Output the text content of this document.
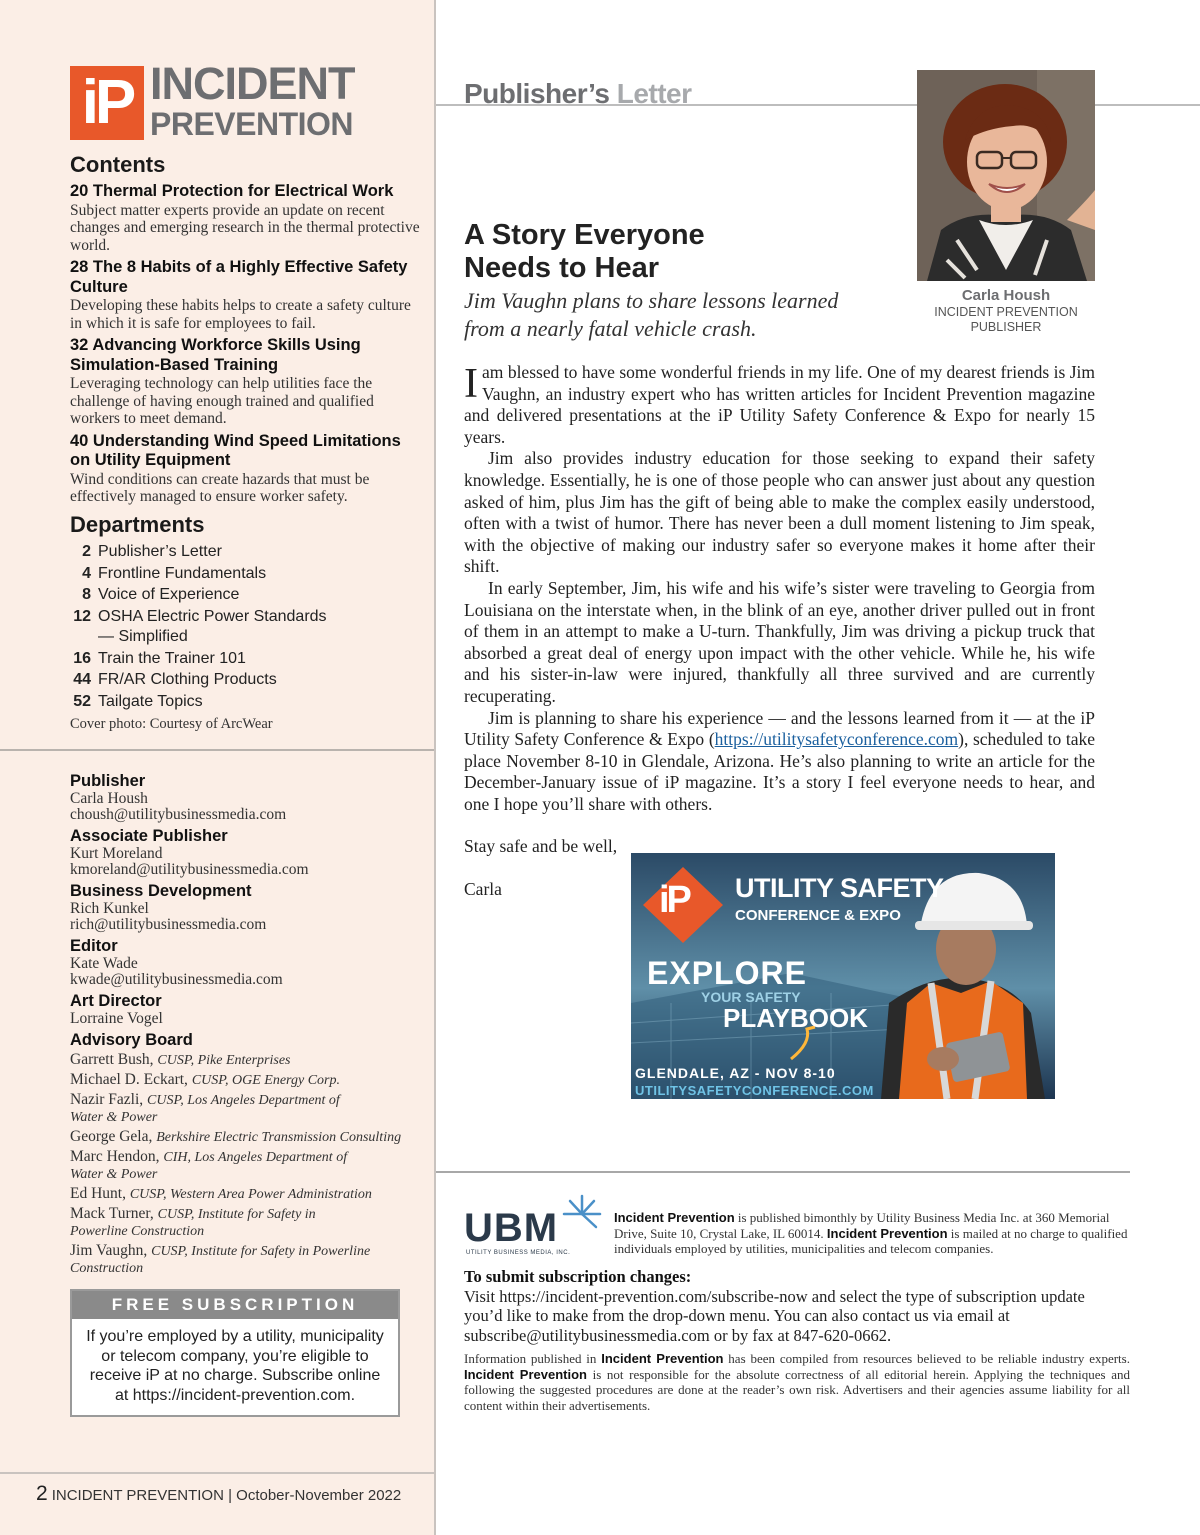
iP INCIDENT
PREVENTION
Contents
20 Thermal Protection for Electrical Work
Subject matter experts provide an update on recent changes and emerging research in the thermal protective world.
28 The 8 Habits of a Highly Effective Safety Culture
Developing these habits helps to create a safety culture in which it is safe for employees to fail.
32 Advancing Workforce Skills Using Simulation-Based Training
Leveraging technology can help utilities face the challenge of having enough trained and qualified workers to meet demand.
40 Understanding Wind Speed Limitations on Utility Equipment
Wind conditions can create hazards that must be effectively managed to ensure worker safety.
Departments
2 Publisher’s Letter
4 Frontline Fundamentals
8 Voice of Experience
12 OSHA Electric Power Standards
— Simplified
16 Train the Trainer 101
44 FR/AR Clothing Products
52 Tailgate Topics
Cover photo: Courtesy of ArcWear
Publisher
Carla Housh
choush@utilitybusinessmedia.com
Associate Publisher
Kurt Moreland
kmoreland@utilitybusinessmedia.com
Business Development
Rich Kunkel
rich@utilitybusinessmedia.com
Editor
Kate Wade
kwade@utilitybusinessmedia.com
Art Director
Lorraine Vogel
Advisory Board
Garrett Bush, CUSP, Pike Enterprises
Michael D. Eckart, CUSP, OGE Energy Corp.
Nazir Fazli, CUSP, Los Angeles Department of
Water & Power
George Gela, Berkshire Electric Transmission Consulting
Marc Hendon, CIH, Los Angeles Department of
Water & Power
Ed Hunt, CUSP, Western Area Power Administration
Mack Turner, CUSP, Institute for Safety in
Powerline Construction
Jim Vaughn, CUSP, Institute for Safety in Powerline
Construction
FREE SUBSCRIPTION
If you’re employed by a utility, municipality or telecom company, you’re eligible to receive iP at no charge. Subscribe online at https://incident-prevention.com.
2 INCIDENT PREVENTION | October-November 2022
Publisher’s Letter
Carla Housh
INCIDENT PREVENTION
PUBLISHER
A Story Everyone
Needs to Hear
Jim Vaughn plans to share lessons learned
from a nearly fatal vehicle crash.

Iam blessed to have some wonderful friends in my life. One of my dearest friends is Jim Vaughn, an industry expert who has written articles for Incident Prevention magazine and delivered presentations at the iP Utility Safety Conference & Expo for nearly 15 years.

Jim also provides industry education for those seeking to expand their safety knowledge. Essentially, he is one of those people who can answer just about any question asked of him, plus Jim has the gift of being able to make the complex easily understood, often with a twist of humor. There has never been a dull moment listening to Jim speak, with the objective of making our industry safer so everyone makes it home after their shift.

In early September, Jim, his wife and his wife’s sister were traveling to Georgia from Louisiana on the interstate when, in the blink of an eye, another driver pulled out in front of them in an attempt to make a U-turn. Thankfully, Jim was driving a pickup truck that absorbed a great deal of energy upon impact with the other vehicle. While he, his wife and his sister-in-law were injured, thankfully all three survived and are currently recuperating.

Jim is planning to share his experience — and the lessons learned from it — at the iP Utility Safety Conference & Expo (https://utilitysafetyconference.com), scheduled to take place November 8-10 in Glendale, Arizona. He’s also planning to write an article for the December-January issue of iP magazine. It’s a story I feel everyone needs to hear, and one I hope you’ll share with others.

Stay safe and be well,

Carla	iP UTILITY SAFETY
CONFERENCE & EXPO
EXPLORE
YOUR SAFETY
PLAYBOOK
GLENDALE, AZ - NOV 8-10
UTILITYSAFETYCONFERENCE.COM
UBM
UTILITY BUSINESS MEDIA, INC.
Incident Prevention is published bimonthly by Utility Business Media Inc. at 360 Memorial Drive, Suite 10, Crystal Lake, IL 60014. Incident Prevention is mailed at no charge to qualified individuals employed by utilities, municipalities and telecom companies.
To submit subscription changes:
Visit https://incident-prevention.com/subscribe-now and select the type of subscription update you’d like to make from the drop-down menu. You can also contact us via email at subscribe@utilitybusinessmedia.com or by fax at 847-620-0662.
Information published in Incident Prevention has been compiled from resources believed to be reliable industry experts. Incident Prevention is not responsible for the absolute correctness of all editorial herein. Applying the techniques and following the suggested procedures are done at the reader’s own risk. Advertisers and their agencies assume liability for all content within their advertisements.
